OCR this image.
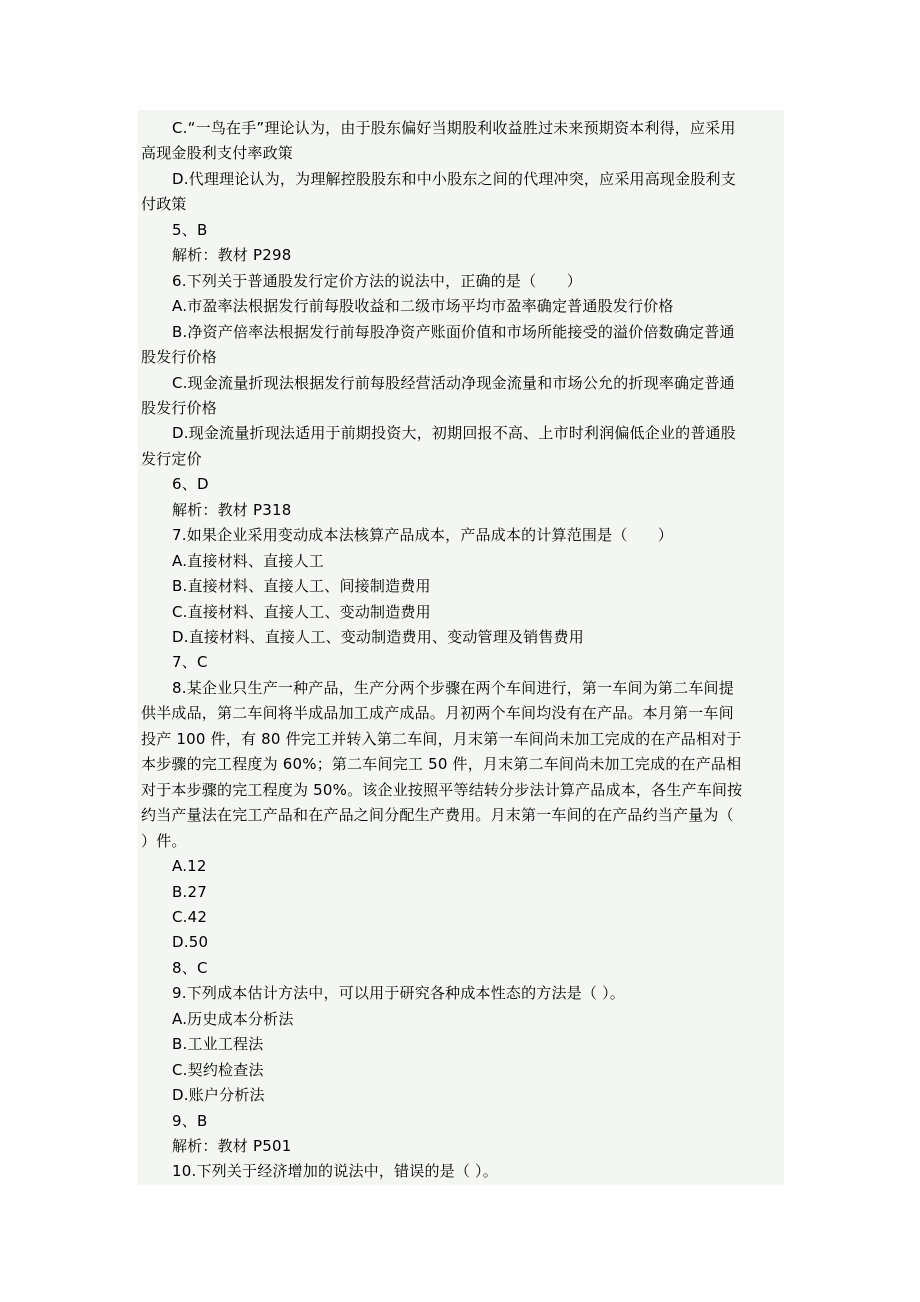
C.“一鸟在手”理论认为，由于股东偏好当期股利收益胜过未来预期资本利得，应采用
高现金股利支付率政策
D.代理理论认为，为理解控股股东和中小股东之间的代理冲突，应采用高现金股利支
付政策
5、B
解析：教材 P298
6.下列关于普通股发行定价方法的说法中，正确的是（　　）
A.市盈率法根据发行前每股收益和二级市场平均市盈率确定普通股发行价格
B.净资产倍率法根据发行前每股净资产账面价值和市场所能接受的溢价倍数确定普通
股发行价格
C.现金流量折现法根据发行前每股经营活动净现金流量和市场公允的折现率确定普通
股发行价格
D.现金流量折现法适用于前期投资大，初期回报不高、上市时利润偏低企业的普通股
发行定价
6、D
解析：教材 P318
7.如果企业采用变动成本法核算产品成本，产品成本的计算范围是（　　）
A.直接材料、直接人工
B.直接材料、直接人工、间接制造费用
C.直接材料、直接人工、变动制造费用
D.直接材料、直接人工、变动制造费用、变动管理及销售费用
7、C
8.某企业只生产一种产品，生产分两个步骤在两个车间进行，第一车间为第二车间提
供半成品，第二车间将半成品加工成产成品。月初两个车间均没有在产品。本月第一车间
投产 100 件，有 80 件完工并转入第二车间，月末第一车间尚未加工完成的在产品相对于
本步骤的完工程度为 60%；第二车间完工 50 件，月末第二车间尚未加工完成的在产品相
对于本步骤的完工程度为 50%。该企业按照平等结转分步法计算产品成本，各生产车间按
约当产量法在完工产品和在产品之间分配生产费用。月末第一车间的在产品约当产量为（
）件。
A.12
B.27
C.42
D.50
8、C
9.下列成本估计方法中，可以用于研究各种成本性态的方法是（ ）。
A.历史成本分析法
B.工业工程法
C.契约检查法
D.账户分析法
9、B
解析：教材 P501
10.下列关于经济增加的说法中，错误的是（ ）。
